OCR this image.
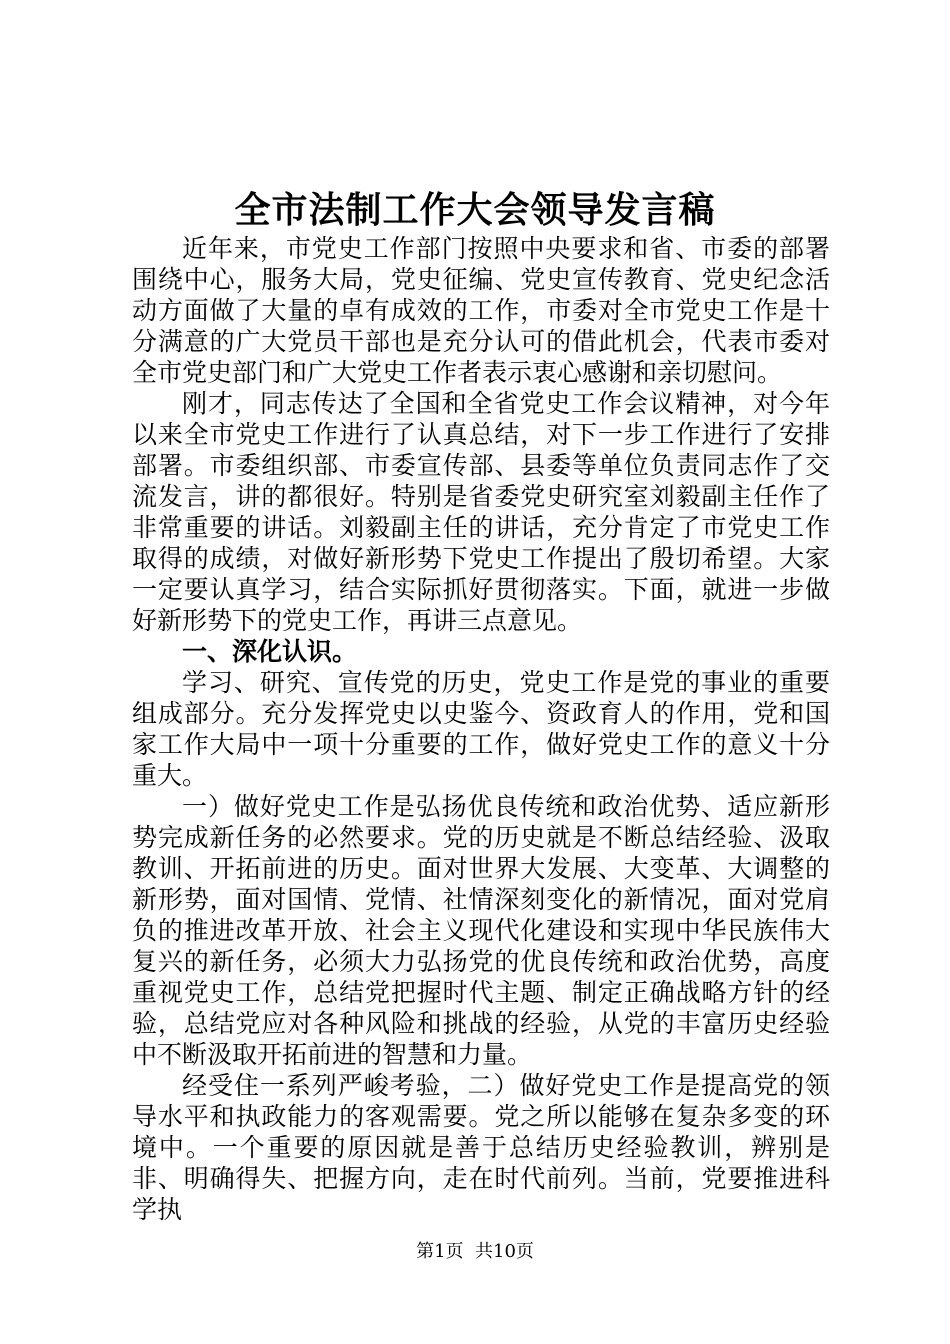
全市法制工作大会领导发言稿

近年来，市党史工作部门按照中央要求和省、市委的部署围绕中心，服务大局，党史征编、党史宣传教育、党史纪念活动方面做了大量的卓有成效的工作，市委对全市党史工作是十分满意的广大党员干部也是充分认可的借此机会，代表市委对全市党史部门和广大党史工作者表示衷心感谢和亲切慰问。

刚才，同志传达了全国和全省党史工作会议精神，对今年以来全市党史工作进行了认真总结，对下一步工作进行了安排部署。市委组织部、市委宣传部、县委等单位负责同志作了交流发言，讲的都很好。特别是省委党史研究室刘毅副主任作了非常重要的讲话。刘毅副主任的讲话，充分肯定了市党史工作取得的成绩，对做好新形势下党史工作提出了殷切希望。大家一定要认真学习，结合实际抓好贯彻落实。下面，就进一步做好新形势下的党史工作，再讲三点意见。

一、深化认识。

学习、研究、宣传党的历史，党史工作是党的事业的重要组成部分。充分发挥党史以史鉴今、资政育人的作用，党和国家工作大局中一项十分重要的工作，做好党史工作的意义十分重大。

一）做好党史工作是弘扬优良传统和政治优势、适应新形势完成新任务的必然要求。党的历史就是不断总结经验、汲取教训、开拓前进的历史。面对世界大发展、大变革、大调整的新形势，面对国情、党情、社情深刻变化的新情况，面对党肩负的推进改革开放、社会主义现代化建设和实现中华民族伟大复兴的新任务，必须大力弘扬党的优良传统和政治优势，高度重视党史工作，总结党把握时代主题、制定正确战略方针的经验，总结党应对各种风险和挑战的经验，从党的丰富历史经验中不断汲取开拓前进的智慧和力量。

经受住一系列严峻考验，二）做好党史工作是提高党的领导水平和执政能力的客观需要。党之所以能够在复杂多变的环境中。一个重要的原因就是善于总结历史经验教训，辨别是非、明确得失、把握方向，走在时代前列。当前，党要推进科学执

第1页 共10页
